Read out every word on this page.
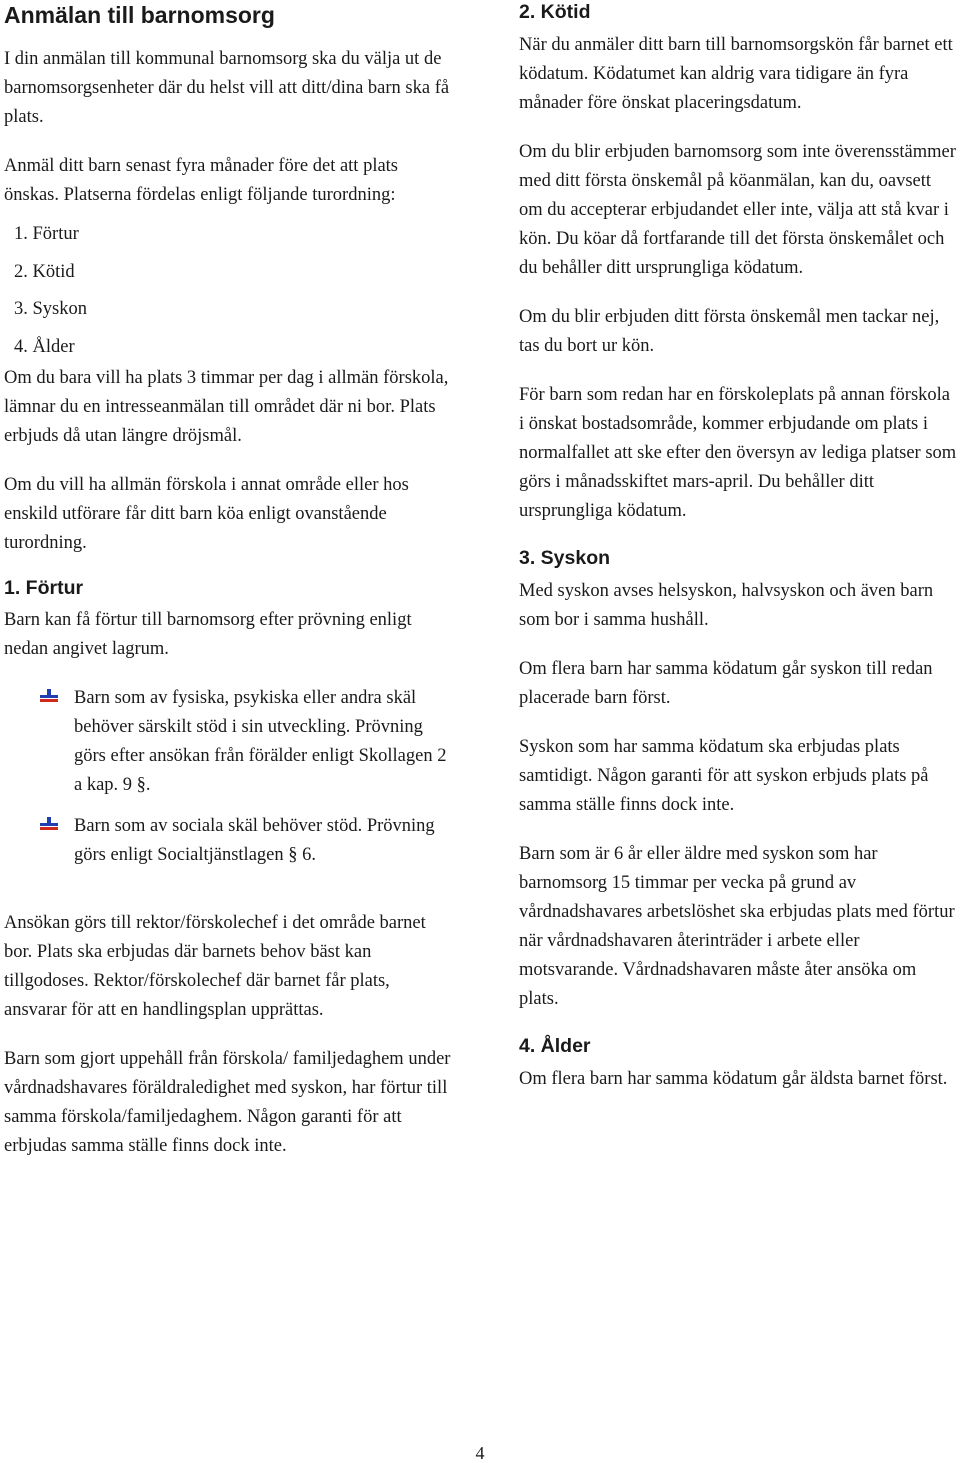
Anmälan till barnomsorg

I din anmälan till kommunal barnomsorg ska du välja ut de barnomsorgsenheter där du helst vill att ditt/dina barn ska få plats.

Anmäl ditt barn senast fyra månader före det att plats önskas. Platserna fördelas enligt följande turordning:

1. Förtur
2. Kötid
3. Syskon
4. Ålder

Om du bara vill ha plats 3 timmar per dag i allmän förskola, lämnar du en intresseanmälan till området där ni bor. Plats erbjuds då utan längre dröjsmål.

Om du vill ha allmän förskola i annat område eller hos enskild utförare får ditt barn köa enligt ovanstående turordning.

1. Förtur

Barn kan få förtur till barnomsorg efter prövning enligt nedan angivet lagrum.

Barn som av fysiska, psykiska eller andra skäl behöver särskilt stöd i sin utveckling. Prövning görs efter ansökan från förälder enligt Skollagen 2 a kap. 9 §.

Barn som av sociala skäl behöver stöd. Prövning görs enligt Socialtjänstlagen § 6.

Ansökan görs till rektor/förskolechef i det område barnet bor. Plats ska erbjudas där barnets behov bäst kan tillgodoses. Rektor/förskolechef där barnet får plats, ansvarar för att en handlingsplan upprättas.

Barn som gjort uppehåll från förskola/ familjedaghem under vårdnadshavares föräldraledighet med syskon, har förtur till samma förskola/familjedaghem. Någon garanti för att erbjudas samma ställe finns dock inte.

2. Kötid

När du anmäler ditt barn till barnomsorgskön får barnet ett ködatum. Ködatumet kan aldrig vara tidigare än fyra månader före önskat placeringsdatum.

Om du blir erbjuden barnomsorg som inte överensstämmer med ditt första önskemål på köanmälan, kan du, oavsett om du accepterar erbjudandet eller inte, välja att stå kvar i kön. Du köar då fortfarande till det första önskemålet och du behåller ditt ursprungliga ködatum.

Om du blir erbjuden ditt första önskemål men tackar nej, tas du bort ur kön.

För barn som redan har en förskoleplats på annan förskola i önskat bostadsområde, kommer erbjudande om plats i normalfallet att ske efter den översyn av lediga platser som görs i månadsskiftet mars-april. Du behåller ditt ursprungliga ködatum.

3. Syskon

Med syskon avses helsyskon, halvsyskon och även barn som bor i samma hushåll.

Om flera barn har samma ködatum går syskon till redan placerade barn först.

Syskon som har samma ködatum ska erbjudas plats samtidigt. Någon garanti för att syskon erbjuds plats på samma ställe finns dock inte.

Barn som är 6 år eller äldre med syskon som har barnomsorg 15 timmar per vecka på grund av vårdnadshavares arbetslöshet ska erbjudas plats med förtur när vårdnadshavaren återinträder i arbete eller motsvarande. Vårdnadshavaren måste åter ansöka om plats.

4. Ålder

Om flera barn har samma ködatum går äldsta barnet först.

4
